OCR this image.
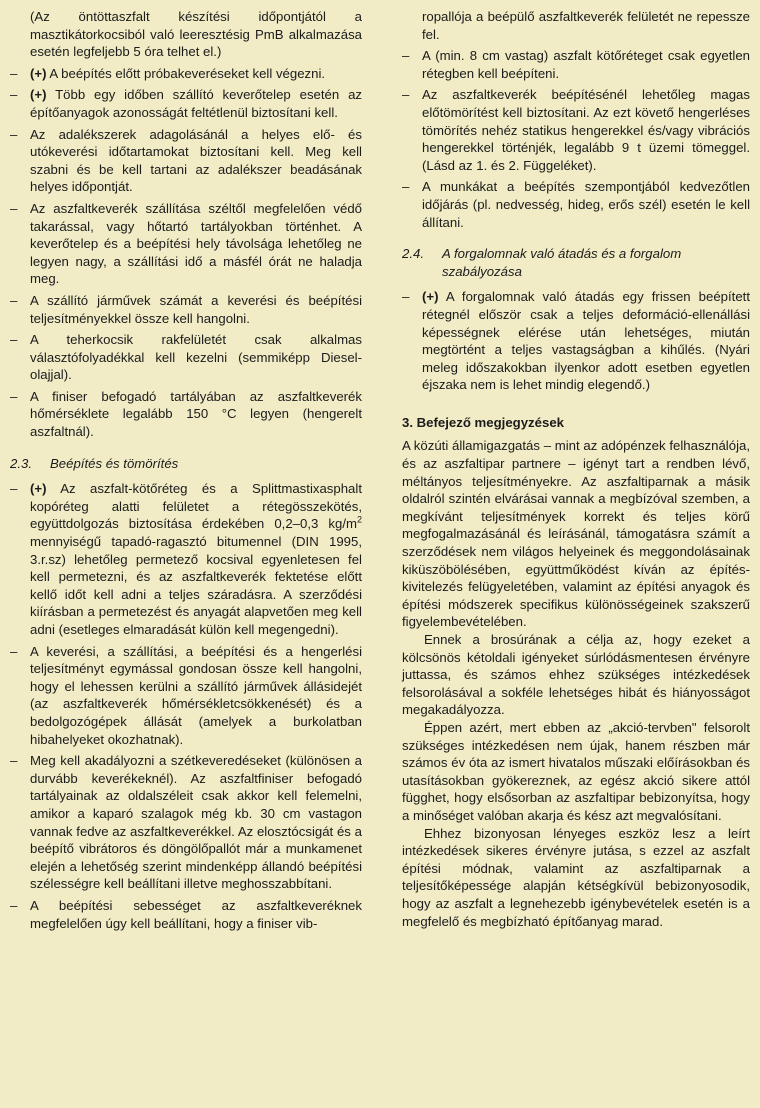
(Az öntöttaszfalt készítési időpontjától a masztikátorkocsiból való leeresztésig PmB alkalmazása esetén legfeljebb 5 óra telhet el.)
– (+) A beépítés előtt próbakeveréseket kell végezni.
– (+) Több egy időben szállító keverőtelep esetén az építőanyagok azonosságát feltétlenül biztosítani kell.
– Az adalékszerek adagolásánál a helyes elő- és utókeverési időtartamokat biztosítani kell. Meg kell szabni és be kell tartani az adalékszer beadásának helyes időpontját.
– Az aszfaltkeverék szállítása széltől megfelelően védő takarással, vagy hőtartó tartályokban történhet. A keverőtelep és a beépítési hely távolsága lehetőleg ne legyen nagy, a szállítási idő a másfél órát ne haladja meg.
– A szállító járművek számát a keverési és beépítési teljesítményekkel össze kell hangolni.
– A teherkocsik rakfelületét csak alkalmas választófolyadékkal kell kezelni (semmiképp Diesel-olajjal).
– A finiser befogadó tartályában az aszfaltkeverék hőmérséklete legalább 150 °C legyen (hengerelt aszfaltnál).
2.3.	Beépítés és tömörítés
– (+) Az aszfalt-kötőréteg és a Splittmastixasphalt kopóréteg alatti felületet a rétegösszekötés, együttdolgozás biztosítása érdekében 0,2–0,3 $kg/m^2$ mennyiségű tapadó-ragasztó bitumennel (DIN 1995, 3.r.sz) lehetőleg permetező kocsival egyenletesen fel kell permetezni, és az aszfaltkeverék fektetése előtt kellő időt kell adni a teljes száradásra. A szerződési kiírásban a permetezést és anyagát alapvetően meg kell adni (esetleges elmaradását külön kell megengedni).
– A keverési, a szállítási, a beépítési és a hengerlési teljesítményt egymással gondosan össze kell hangolni, hogy el lehessen kerülni a szállító járművek állásidejét (az aszfaltkeverék hőmérsékletcsökkenését) és a bedolgozógépek állását (amelyek a burkolatban hibahelyeket okozhatnak).
– Meg kell akadályozni a szétkeveredéseket (különösen a durvább keverékeknél). Az aszfaltfiniser befogadó tartályainak az oldalszéleit csak akkor kell felemelni, amikor a kaparó szalagok még kb. 30 cm vastagon vannak fedve az aszfaltkeverékkel. Az elosztócsigát és a beépítő vibrátoros és döngölőpallót már a munkamenet elején a lehetőség szerint mindenképp állandó beépítési szélességre kell beállítani illetve meghosszabbítani.
– A beépítési sebességet az aszfaltkeveréknek megfelelően úgy kell beállítani, hogy a finiser vib-
ropallója a beépülő aszfaltkeverék felületét ne repessze fel.
– A (min. 8 cm vastag) aszfalt kötőréteget csak egyetlen rétegben kell beépíteni.
– Az aszfaltkeverék beépítésénél lehetőleg magas előtömörítést kell biztosítani. Az ezt követő hengerléses tömörítés nehéz statikus hengerekkel és/vagy vibrációs hengerekkel történjék, legalább 9 t üzemi tömeggel. (Lásd az 1. és 2. Függeléket).
– A munkákat a beépítés szempontjából kedvezőtlen időjárás (pl. nedvesség, hideg, erős szél) esetén le kell állítani.
2.4.	A forgalomnak való átadás és a forgalom szabályozása
– (+) A forgalomnak való átadás egy frissen beépített rétegnél először csak a teljes deformáció-ellenállási képességnek elérése után lehetséges, miután megtörtént a teljes vastagságban a kihűlés. (Nyári meleg időszakokban ilyenkor adott esetben egyetlen éjszaka nem is lehet mindig elegendő.)
3. Befejező megjegyzések

A közúti államigazgatás – mint az adópénzek felhasználója, és az aszfaltipar partnere – igényt tart a rendben lévő, méltányos teljesítményekre. Az aszfaltiparnak a másik oldalról szintén elvárásai vannak a megbízóval szemben, a megkívánt teljesítmények korrekt és teljes körű megfogalmazásánál és leírásánál, támogatásra számít a szerződések nem világos helyeinek és meggondolásainak kiküszöbölésében, együttműködést kíván az építés-kivitelezés felügyeletében, valamint az építési anyagok és építési módszerek specifikus különösségeinek szakszerű figyelembevételében.

Ennek a brosúrának a célja az, hogy ezeket a kölcsönös kétoldali igényeket súrlódásmentesen érvényre juttassa, és számos ehhez szükséges intézkedések felsorolásával a sokféle lehetséges hibát és hiányosságot megakadályozza.

Éppen azért, mert ebben az „akció-tervben" felsorolt szükséges intézkedésen nem újak, hanem részben már számos év óta az ismert hivatalos műszaki előírásokban és utasításokban gyökereznek, az egész akció sikere attól függhet, hogy elsősorban az aszfaltipar bebizonyítsa, hogy a minőséget valóban akarja és kész azt megvalósítani.

Ehhez bizonyosan lényeges eszköz lesz a leírt intézkedések sikeres érvényre jutása, s ezzel az aszfalt építési módnak, valamint az aszfaltiparnak a teljesítőképessége alapján kétségkívül bebizonyosodik, hogy az aszfalt a legnehezebb igénybevételek esetén is a megfelelő és megbízható építőanyag marad.
